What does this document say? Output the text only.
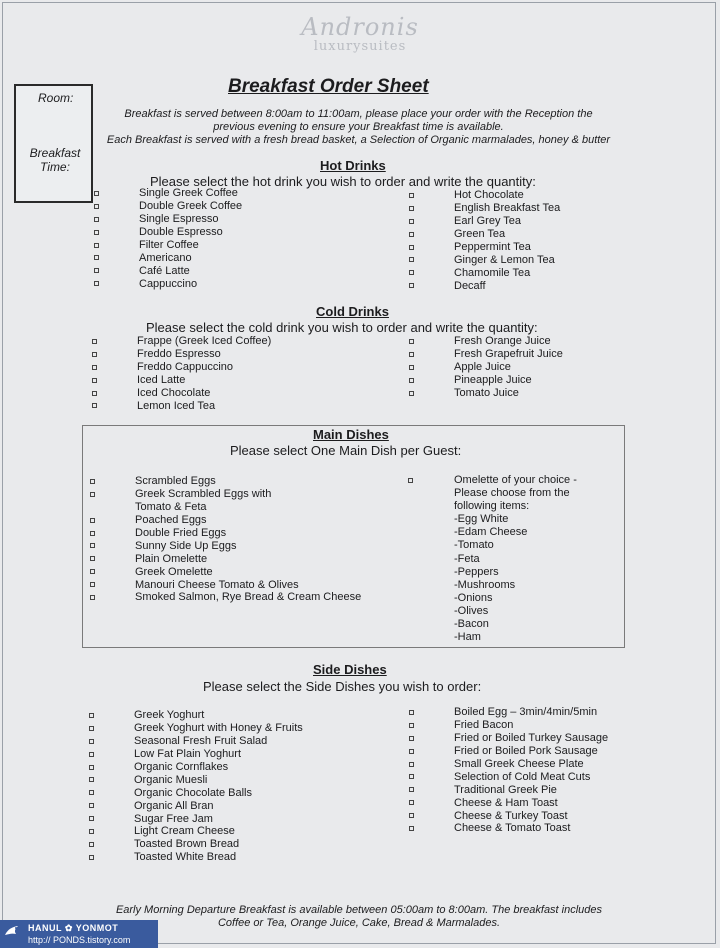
Andronis
luxurysuites
Room:
Breakfast Time:
Breakfast Order Sheet
Breakfast is served between 8:00am to 11:00am, please place your order with the Reception the
previous evening to ensure your Breakfast time is available.
Each Breakfast is served with a fresh bread basket, a Selection of Organic marmalades, honey & butter
Hot Drinks
Please select the hot drink you wish to order and write the quantity:
Single Greek Coffee
Double Greek Coffee
Single Espresso
Double Espresso
Filter Coffee
Americano
Café Latte
Cappuccino
Hot Chocolate
English Breakfast Tea
Earl Grey Tea
Green Tea
Peppermint Tea
Ginger & Lemon Tea
Chamomile Tea
Decaff
Cold Drinks
Please select the cold drink you wish to order and write the quantity:
Frappe (Greek Iced Coffee)
Freddo Espresso
Freddo Cappuccino
Iced Latte
Iced Chocolate
Lemon Iced Tea
Fresh Orange Juice
Fresh Grapefruit Juice
Apple Juice
Pineapple Juice
Tomato Juice
Main Dishes
Please select One Main Dish per Guest:
Scrambled Eggs
Greek Scrambled Eggs with
Tomato & Feta
Poached Eggs
Double Fried Eggs
Sunny Side Up Eggs
Plain Omelette
Greek Omelette
Manouri Cheese Tomato & Olives
Smoked Salmon, Rye Bread & Cream Cheese
Omelette of your choice -
Please choose from the
following items:
-Egg White
-Edam Cheese
-Tomato
-Feta
-Peppers
-Mushrooms
-Onions
-Olives
-Bacon
-Ham
Side Dishes
Please select the Side Dishes you wish to order:
Greek Yoghurt
Greek Yoghurt with Honey & Fruits
Seasonal Fresh Fruit Salad
Low Fat Plain Yoghurt
Organic Cornflakes
Organic Muesli
Organic Chocolate Balls
Organic All Bran
Sugar Free Jam
Light Cream Cheese
Toasted Brown Bread
Toasted White Bread
Boiled Egg – 3min/4min/5min
Fried Bacon
Fried or Boiled Turkey Sausage
Fried or Boiled Pork Sausage
Small Greek Cheese Plate
Selection of Cold Meat Cuts
Traditional Greek Pie
Cheese & Ham Toast
Cheese & Turkey Toast
Cheese & Tomato Toast
Early Morning Departure Breakfast is available between 05:00am to 8:00am. The breakfast includes
Coffee or Tea, Orange Juice, Cake, Bread & Marmalades.
HANUL ✿ YONMOT
http:// PONDS.tistory.com
